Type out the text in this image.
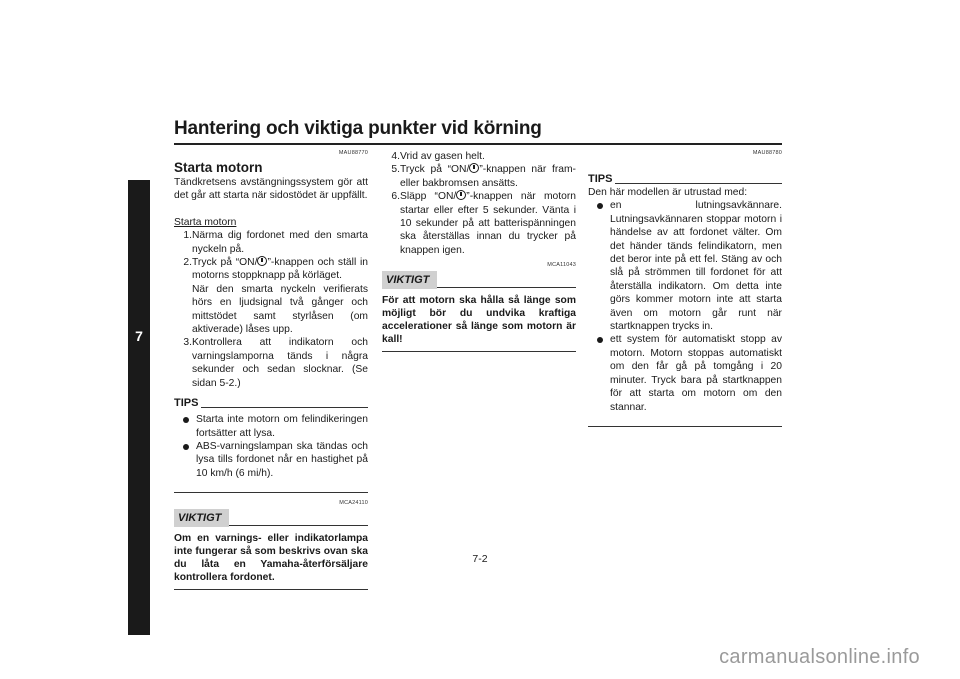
Hantering och viktiga punkter vid körning
7
MAU88770
Starta motorn
Tändkretsens avstängningssystem gör att det går att starta när sidostödet är uppfällt.
Starta motorn
1. Närma dig fordonet med den smarta nyckeln på.
2. Tryck på “ON/ ”-knappen och ställ in motorns stoppknapp på körläget.
När den smarta nyckeln verifierats hörs en ljudsignal två gånger och mittstödet samt styrlåsen (om aktiverade) låses upp.
3. Kontrollera att indikatorn och varningslamporna tänds i några sekunder och sedan slocknar. (Se sidan 5-2.)
TIPS
Starta inte motorn om felindikeringen fortsätter att lysa.
ABS-varningslampan ska tändas och lysa tills fordonet når en hastighet på 10 km/h (6 mi/h).
MCA24110
VIKTIGT
Om en varnings- eller indikatorlampa inte fungerar så som beskrivs ovan ska du låta en Yamaha-återförsäljare kontrollera fordonet.
4. Vrid av gasen helt.
5. Tryck på “ON/ ”-knappen när fram- eller bakbromsen ansätts.
6. Släpp “ON/ ”-knappen när motorn startar eller efter 5 sekunder. Vänta i 10 sekunder på att batterispänningen ska återställas innan du trycker på knappen igen.
MCA11043
VIKTIGT
För att motorn ska hålla så länge som möjligt bör du undvika kraftiga accelerationer så länge som motorn är kall!
MAU88780
TIPS
Den här modellen är utrustad med:
en lutningsavkännare. Lutningsavkännaren stoppar motorn i händelse av att fordonet välter. Om det händer tänds felindikatorn, men det beror inte på ett fel. Stäng av och slå på strömmen till fordonet för att återställa indikatorn. Om detta inte görs kommer motorn inte att starta även om motorn går runt när startknappen trycks in.
ett system för automatiskt stopp av motorn. Motorn stoppas automatiskt om den får gå på tomgång i 20 minuter. Tryck bara på startknappen för att starta om motorn om den stannar.
7-2
carmanualsonline.info
